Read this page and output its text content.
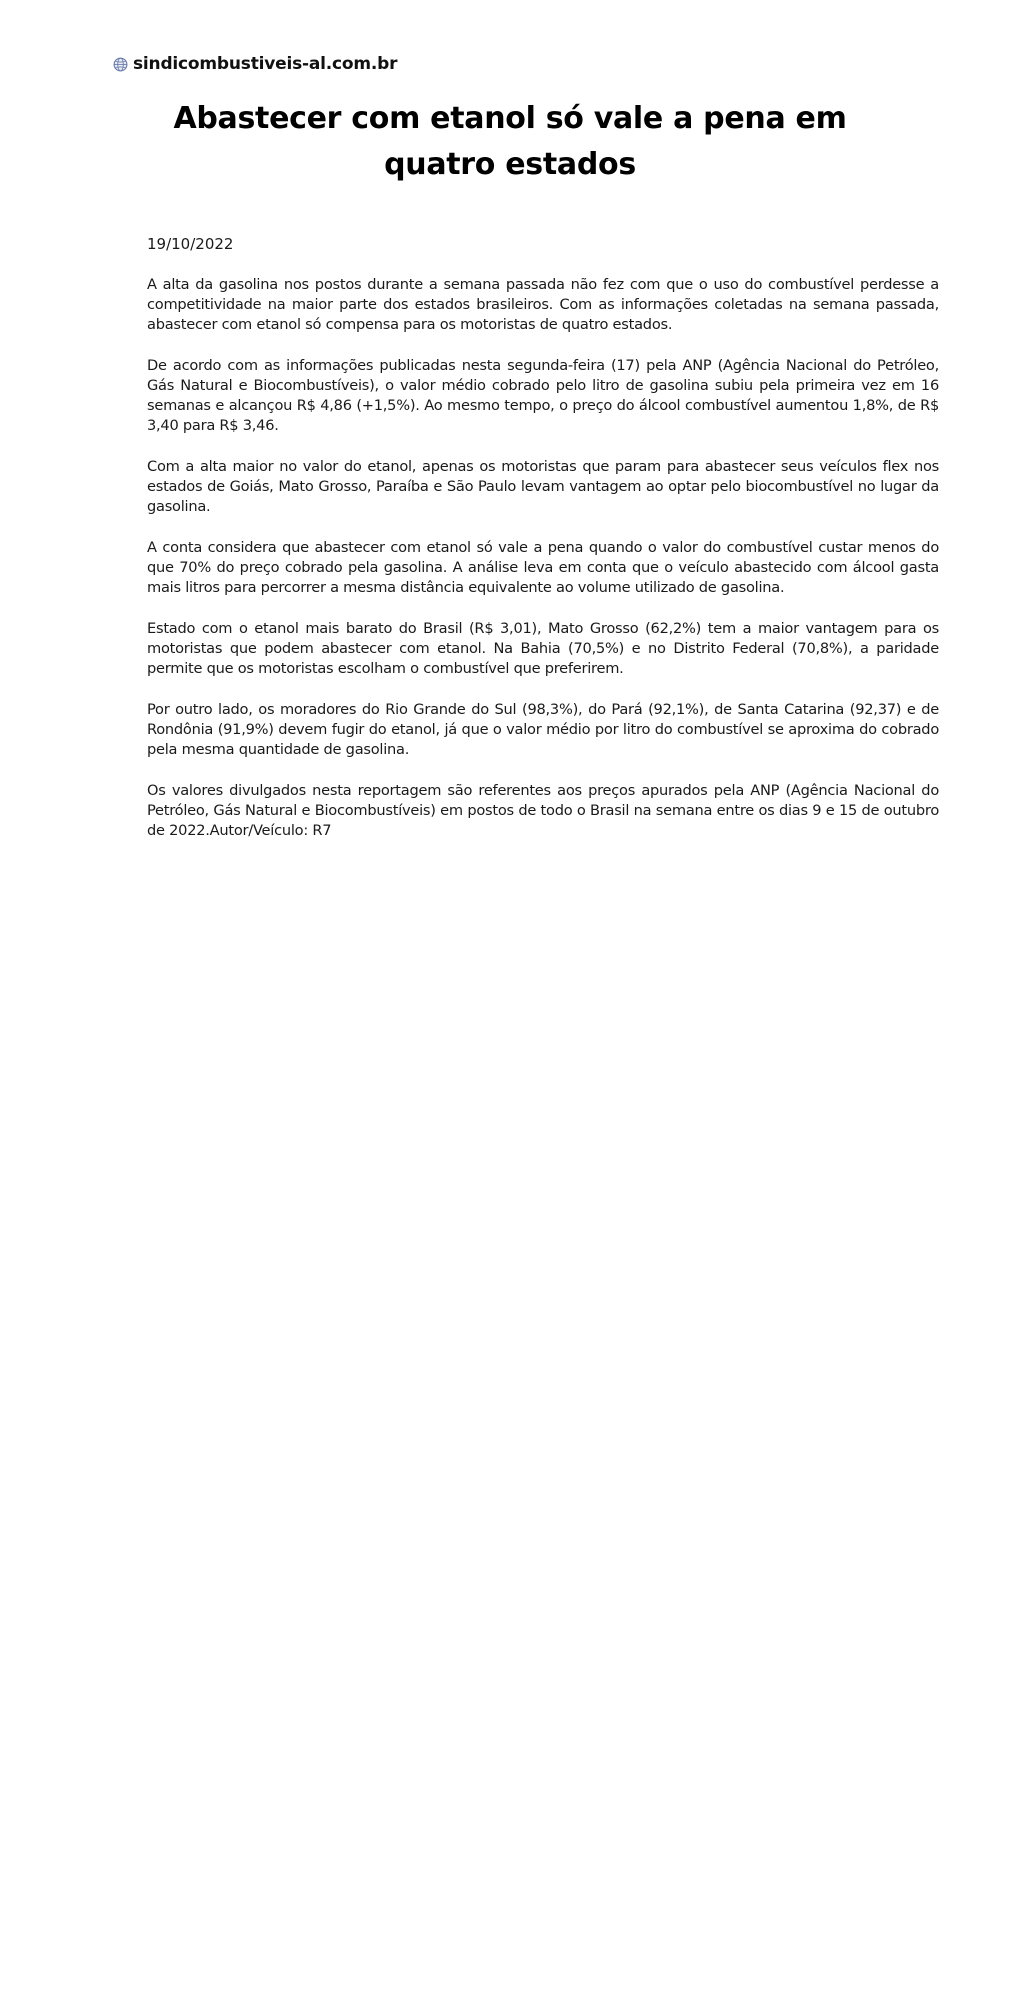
sindicombustiveis-al.com.br
Abastecer com etanol só vale a pena em quatro estados

19/10/2022

A alta da gasolina nos postos durante a semana passada não fez com que o uso do combustível perdesse a competitividade na maior parte dos estados brasileiros. Com as informações coletadas na semana passada, abastecer com etanol só compensa para os motoristas de quatro estados.

De acordo com as informações publicadas nesta segunda-feira (17) pela ANP (Agência Nacional do Petróleo, Gás Natural e Biocombustíveis), o valor médio cobrado pelo litro de gasolina subiu pela primeira vez em 16 semanas e alcançou R$ 4,86 (+1,5%). Ao mesmo tempo, o preço do álcool combustível aumentou 1,8%, de R$ 3,40 para R$ 3,46.

Com a alta maior no valor do etanol, apenas os motoristas que param para abastecer seus veículos flex nos estados de Goiás, Mato Grosso, Paraíba e São Paulo levam vantagem ao optar pelo biocombustível no lugar da gasolina.

A conta considera que abastecer com etanol só vale a pena quando o valor do combustível custar menos do que 70% do preço cobrado pela gasolina. A análise leva em conta que o veículo abastecido com álcool gasta mais litros para percorrer a mesma distância equivalente ao volume utilizado de gasolina.

Estado com o etanol mais barato do Brasil (R$ 3,01), Mato Grosso (62,2%) tem a maior vantagem para os motoristas que podem abastecer com etanol. Na Bahia (70,5%) e no Distrito Federal (70,8%), a paridade permite que os motoristas escolham o combustível que preferirem.

Por outro lado, os moradores do Rio Grande do Sul (98,3%), do Pará (92,1%), de Santa Catarina (92,37) e de Rondônia (91,9%) devem fugir do etanol, já que o valor médio por litro do combustível se aproxima do cobrado pela mesma quantidade de gasolina.

Os valores divulgados nesta reportagem são referentes aos preços apurados pela ANP (Agência Nacional do Petróleo, Gás Natural e Biocombustíveis) em postos de todo o Brasil na semana entre os dias 9 e 15 de outubro de 2022.Autor/Veículo: R7
